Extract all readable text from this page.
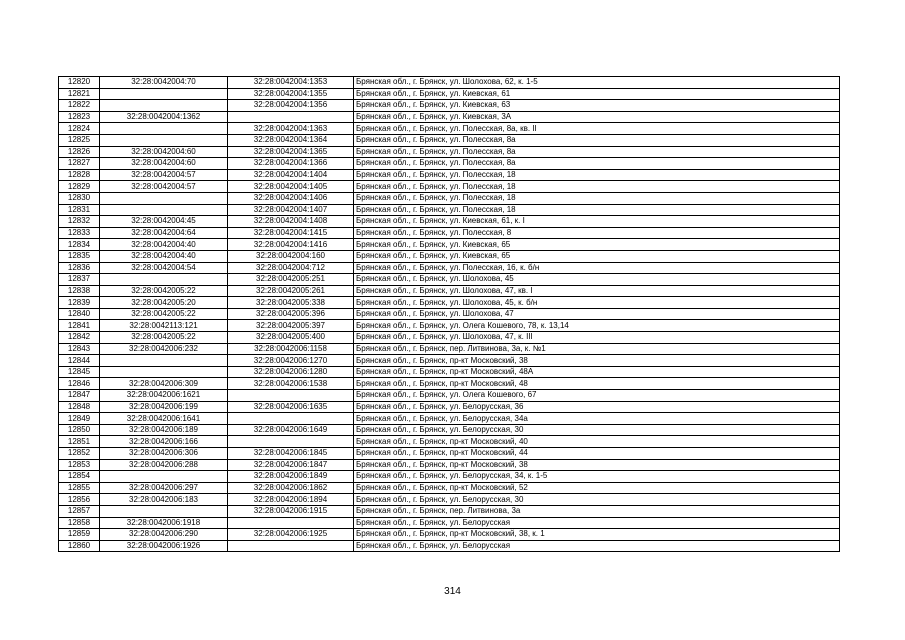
12820	32:28:0042004:70	32:28:0042004:1353	Брянская обл., г. Брянск, ул. Шолохова, 62, к. 1-5
12821		32:28:0042004:1355	Брянская обл., г. Брянск, ул. Киевская, 61
12822		32:28:0042004:1356	Брянская обл., г. Брянск, ул. Киевская, 63
12823	32:28:0042004:1362		Брянская обл., г. Брянск, ул. Киевская, 3А
12824		32:28:0042004:1363	Брянская обл., г. Брянск, ул. Полесская, 8а, кв. II
12825		32:28:0042004:1364	Брянская обл., г. Брянск, ул. Полесская, 8а
12826	32:28:0042004:60	32:28:0042004:1365	Брянская обл., г. Брянск, ул. Полесская, 8а
12827	32:28:0042004:60	32:28:0042004:1366	Брянская обл., г. Брянск, ул. Полесская, 8а
12828	32:28:0042004:57	32:28:0042004:1404	Брянская обл., г. Брянск, ул. Полесская, 18
12829	32:28:0042004:57	32:28:0042004:1405	Брянская обл., г. Брянск, ул. Полесская, 18
12830		32:28:0042004:1406	Брянская обл., г. Брянск, ул. Полесская, 18
12831		32:28:0042004:1407	Брянская обл., г. Брянск, ул. Полесская, 18
12832	32:28:0042004:45	32:28:0042004:1408	Брянская обл., г. Брянск, ул. Киевская, 61, к. I
12833	32:28:0042004:64	32:28:0042004:1415	Брянская обл., г. Брянск, ул. Полесская, 8
12834	32:28:0042004:40	32:28:0042004:1416	Брянская обл., г. Брянск, ул. Киевская, 65
12835	32:28:0042004:40	32:28:0042004:160	Брянская обл., г. Брянск, ул. Киевская, 65
12836	32:28:0042004:54	32:28:0042004:712	Брянская обл., г. Брянск, ул. Полесская, 16, к. б/н
12837		32:28:0042005:251	Брянская обл., г. Брянск, ул. Шолохова, 45
12838	32:28:0042005:22	32:28:0042005:261	Брянская обл., г. Брянск, ул. Шолохова, 47, кв. I
12839	32:28:0042005:20	32:28:0042005:338	Брянская обл., г. Брянск, ул. Шолохова, 45, к. б/н
12840	32:28:0042005:22	32:28:0042005:396	Брянская обл., г. Брянск, ул. Шолохова, 47
12841	32:28:0042113:121	32:28:0042005:397	Брянская обл., г. Брянск, ул. Олега Кошевого, 78, к. 13,14
12842	32:28:0042005:22	32:28:0042005:400	Брянская обл., г. Брянск, ул. Шолохова, 47, к. III
12843	32:28:0042006:232	32:28:0042006:1158	Брянская обл., г. Брянск, пер. Литвинова, 3а, к. №1
12844		32:28:0042006:1270	Брянская обл., г. Брянск, пр-кт Московский, 38
12845		32:28:0042006:1280	Брянская обл., г. Брянск, пр-кт Московский, 48А
12846	32:28:0042006:309	32:28:0042006:1538	Брянская обл., г. Брянск, пр-кт Московский, 48
12847	32:28:0042006:1621		Брянская обл., г. Брянск, ул. Олега Кошевого, 67
12848	32:28:0042006:199	32:28:0042006:1635	Брянская обл., г. Брянск, ул. Белорусская, 36
12849	32:28:0042006:1641		Брянская обл., г. Брянск, ул. Белорусская, 34а
12850	32:28:0042006:189	32:28:0042006:1649	Брянская обл., г. Брянск, ул. Белорусская, 30
12851	32:28:0042006:166		Брянская обл., г. Брянск, пр-кт Московский, 40
12852	32:28:0042006:306	32:28:0042006:1845	Брянская обл., г. Брянск, пр-кт Московский, 44
12853	32:28:0042006:288	32:28:0042006:1847	Брянская обл., г. Брянск, пр-кт Московский, 38
12854		32:28:0042006:1849	Брянская обл., г. Брянск, ул. Белорусская, 34, к. 1-5
12855	32:28:0042006:297	32:28:0042006:1862	Брянская обл., г. Брянск, пр-кт Московский, 52
12856	32:28:0042006:183	32:28:0042006:1894	Брянская обл., г. Брянск, ул. Белорусская, 30
12857		32:28:0042006:1915	Брянская обл., г. Брянск, пер. Литвинова, 3а
12858	32:28:0042006:1918		Брянская обл., г. Брянск, ул. Белорусская
12859	32:28:0042006:290	32:28:0042006:1925	Брянская обл., г. Брянск, пр-кт Московский, 38, к. 1
12860	32:28:0042006:1926		Брянская обл., г. Брянск, ул. Белорусская
314
